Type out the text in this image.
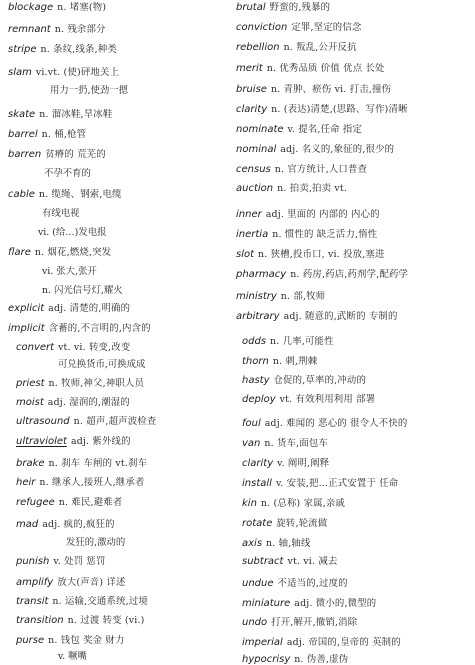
blockage n. 堵塞(物)
remnant n. 残余部分
stripe n. 条纹,线条,种类
slam vi.vt. (使)砰地关上
用力一扔,使劲一摁
skate n. 溜冰鞋,旱冰鞋
barrel n. 桶,枪管
barren 贫瘠的 荒芜的
不孕不育的
cable n. 缆绳、钢索,电缆
有线电视
vi. (给…)发电报
flare n. 烟花,燃烧,突发
vi. 张大,张开
n. 闪光信号灯,耀火
explicit adj. 清楚的,明确的
implicit 含蓄的,不言明的,内含的
convert vt. vi. 转变,改变
可兑换货币,可换成成
priest n. 牧师,神父,神职人员
moist adj. 湿润的,潮湿的
ultrasound n. 超声,超声波检查
ultraviolet adj. 紫外线的
brake n. 刹车 车闸的 vt.刹车
heir n. 继承人,接班人,继承者
refugee n. 难民,避难者
mad adj. 疯的,疯狂的
发狂的,激动的
punish v. 处罚 惩罚
amplify 放大(声音) 详述
transit n. 运输,交通系统,过境
transition n. 过渡 转变 (vi.)
purse n. 钱包 奖金 财力
v. 噘嘴
brutal 野蛮的,残暴的
conviction 定罪,坚定的信念
rebellion n. 叛乱,公开反抗
merit n. 优秀品质 价值 优点 长处
bruise n. 青肿、瘀伤 vi. 打击,撞伤
clarity n. (表达)清楚,(思路、写作)清晰
nominate v. 提名,任命 指定
nominal adj. 名义的,象征的,很少的
census n. 官方统计,人口普查
auction n. 拍卖,拍卖 vt.
inner adj. 里面的 内部的 内心的
inertia n. 惯性的 缺乏活力,惰性
slot n. 狭槽,投币口, vi. 投放,塞进
pharmacy n. 药房,药店,药剂学,配药学
ministry n. 部,牧师
arbitrary adj. 随意的,武断的 专制的
odds n. 几率,可能性
thorn n. 刺,荆棘
hasty 仓促的,草率的,冲动的
deploy vt. 有效利用利用 部署
foul adj. 难闻的 恶心的 很令人不快的
van n. 货车,面包车
clarity v. 阐明,阐释
install v. 安装,把…正式安置于 任命
kin n. (总称) 家属,亲戚
rotate 旋转,轮流做
axis n. 轴,轴线
subtract vt. vi. 减去
undue 不适当的,过度的
miniature adj. 微小的,微型的
undo 打开,解开,撤销,消除
imperial adj. 帝国的,皇帝的 英制的
hypocrisy n. 伪善,虚伪
